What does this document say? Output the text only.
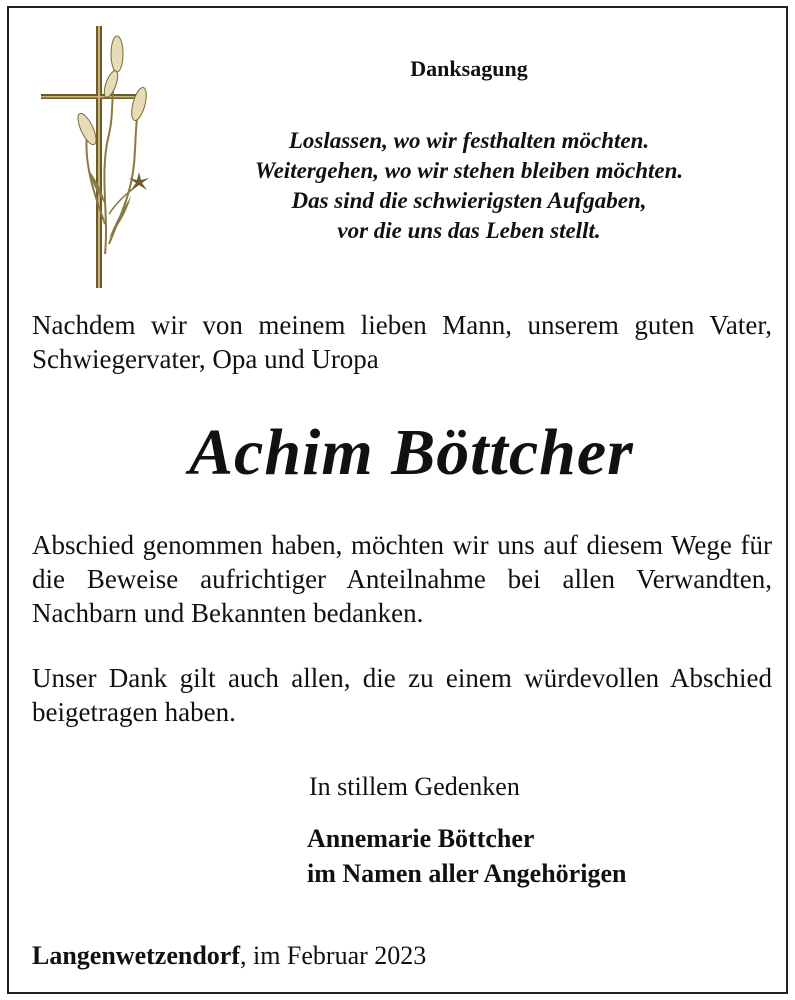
Danksagung
Loslassen, wo wir festhalten möchten.
Weitergehen, wo wir stehen bleiben möchten.
Das sind die schwierigsten Aufgaben,
vor die uns das Leben stellt.

Nachdem wir von meinem lieben Mann, unserem guten Vater, Schwiegervater, Opa und Uropa

Achim Böttcher

Abschied genommen haben, möchten wir uns auf diesem Wege für die Beweise aufrichtiger Anteilnahme bei allen Verwandten, Nachbarn und Bekannten bedanken.

Unser Dank gilt auch allen, die zu einem würdevollen Abschied beigetragen haben.

In stillem Gedenken

Annemarie Böttcher
im Namen aller Angehörigen

Langenwetzendorf, im Februar 2023
